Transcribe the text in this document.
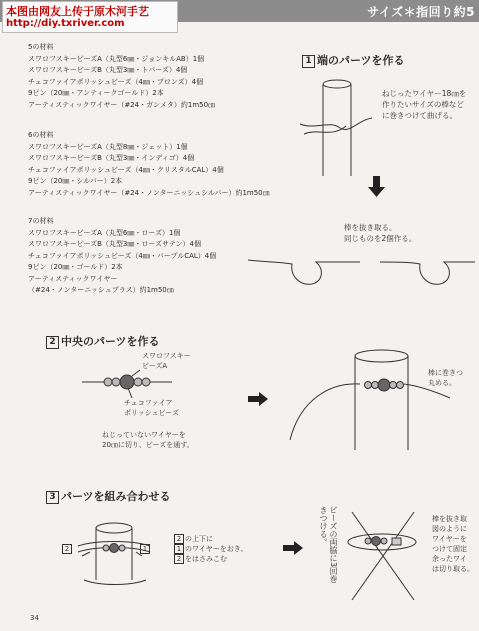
サイズ＊指回り約5
本图由网友上传于原木河手艺
http://diy.txriver.com
5の材料
スワロフスキービーズA（丸型6㎜・ジョンキルAB）1個
スワロフスキービーズB（丸型3㎜・トパーズ）4個
チェコファイアポリッシュビーズ（4㎜・ブロンズ）4個
9ピン（20㎜・アンティークゴールド）2本
アーティスティックワイヤー（#24・ガンメタ）約1m50㎝
6の材料
スワロフスキービーズA（丸型8㎜・ジェット）1個
スワロフスキービーズB（丸型3㎜・インディゴ）4個
チェコファイアポリッシュビーズ（4㎜・クリスタルCAL）4個
9ピン（20㎜・シルバー）2本
アーティスティックワイヤー（#24・ノンターニッシュシルバー）約1m50㎝
7の材料
スワロフスキービーズA（丸型6㎜・ローズ）1個
スワロフスキービーズB（丸型3㎜・ローズサテン）4個
チェコファイアポリッシュビーズ（4㎜・パープルCAL）4個
9ピン（20㎜・ゴールド）2本
アーティスティックワイヤー
（#24・ノンターニッシュブラス）約1m50㎝
1 端のパーツを作る
ねじったワイヤー18㎝を
作りたいサイズの棒など
に巻きつけて曲げる。
棒を抜き取る。
同じものを2個作る。
2 中央のパーツを作る
スワロフスキー
ビーズA
チェコファイア
ポリッシュビーズ
ねじっていないワイヤーを
20㎝に切り、ビーズを通す。
棒に巻きつ
丸める。
3 パーツを組み合わせる
2	1
2 の上下に
1 のワイヤーをおき、
2 をはさみこむ	ビーズの両脇に3回巻きつける。	棒を抜き取
図のように
ワイヤーを
つけて固定
余ったワイ
は切り取る。
34
